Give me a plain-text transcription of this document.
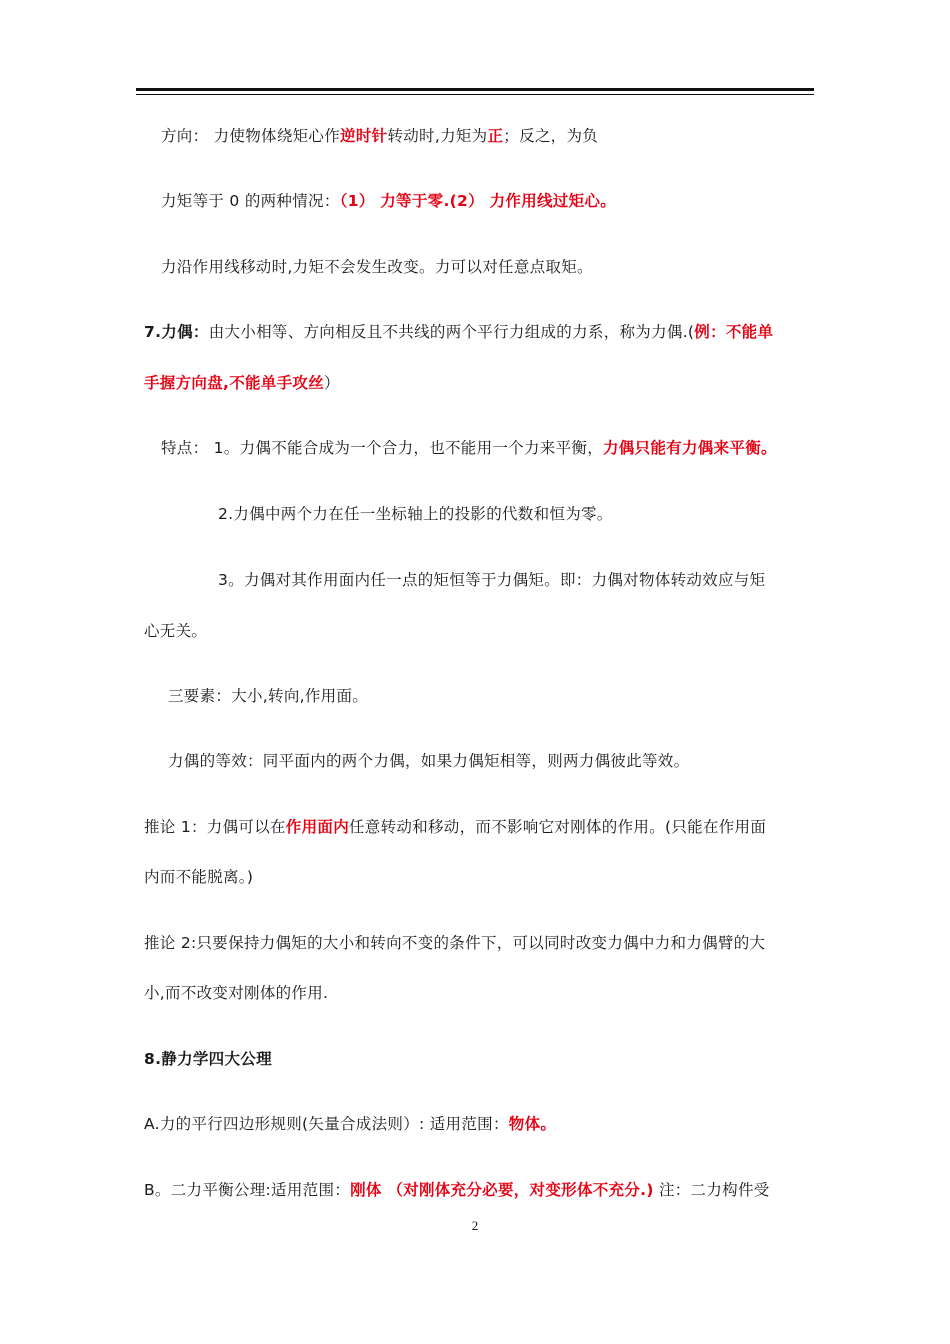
方向： 力使物体绕矩心作逆时针转动时,力矩为正；反之，为负
力矩等于 0 的两种情况：（1） 力等于零.(2） 力作用线过矩心。
力沿作用线移动时,力矩不会发生改变。力可以对任意点取矩。
7.力偶：由大小相等、方向相反且不共线的两个平行力组成的力系，称为力偶.(例：不能单
手握方向盘,不能单手攻丝）
特点： 1。力偶不能合成为一个合力，也不能用一个力来平衡，力偶只能有力偶来平衡。
2.力偶中两个力在任一坐标轴上的投影的代数和恒为零。
3。力偶对其作用面内任一点的矩恒等于力偶矩。即：力偶对物体转动效应与矩
心无关。
三要素：大小,转向,作用面。
力偶的等效：同平面内的两个力偶，如果力偶矩相等，则两力偶彼此等效。
推论 1：力偶可以在作用面内任意转动和移动，而不影响它对刚体的作用。(只能在作用面
内而不能脱离。)
推论 2:只要保持力偶矩的大小和转向不变的条件下，可以同时改变力偶中力和力偶臂的大
小,而不改变对刚体的作用.
8.静力学四大公理
A.力的平行四边形规则(矢量合成法则）: 适用范围：物体。
B。二力平衡公理:适用范围：刚体 （对刚体充分必要，对变形体不充分.) 注：二力构件受
2
